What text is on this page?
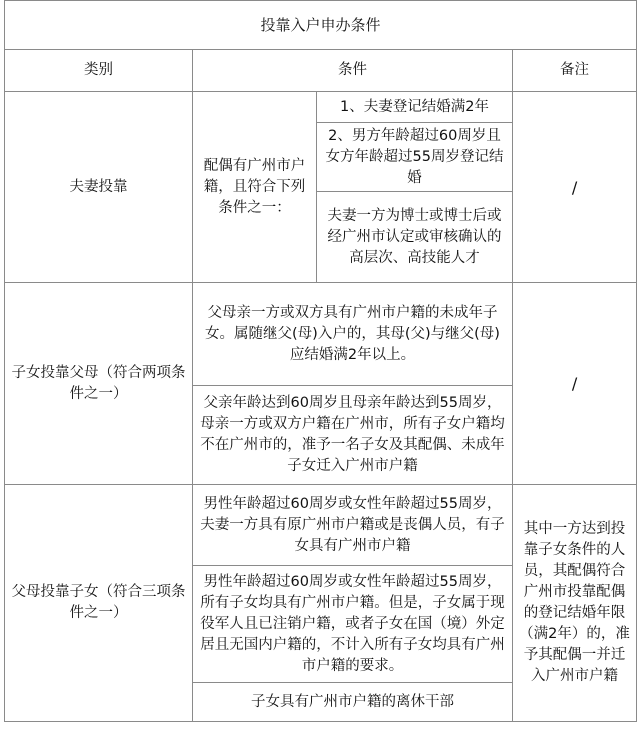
投靠入户申办条件			
类别	条件		备注
夫妻投靠	配偶有广州市户籍，且符合下列条件之一：	1、夫妻登记结婚满2年	/
		2、男方年龄超过60周岁且女方年龄超过55周岁登记结婚	
		夫妻一方为博士或博士后或经广州市认定或审核确认的高层次、高技能人才	
子女投靠父母（符合两项条件之一）	父母亲一方或双方具有广州市户籍的未成年子女。属随继父(母)入户的，其母(父)与继父(母)应结婚满2年以上。		/
	父亲年龄达到60周岁且母亲年龄达到55周岁，母亲一方或双方户籍在广州市，所有子女户籍均不在广州市的，准予一名子女及其配偶、未成年子女迁入广州市户籍		
父母投靠子女（符合三项条件之一）	男性年龄超过60周岁或女性年龄超过55周岁，夫妻一方具有原广州市户籍或是丧偶人员，有子女具有广州市户籍		其中一方达到投靠子女条件的人员，其配偶符合广州市投靠配偶的登记结婚年限（满2年）的，准予其配偶一并迁入广州市户籍
	男性年龄超过60周岁或女性年龄超过55周岁，所有子女均具有广州市户籍。但是，子女属于现役军人且已注销户籍，或者子女在国（境）外定居且无国内户籍的，不计入所有子女均具有广州市户籍的要求。		
	子女具有广州市户籍的离休干部		
